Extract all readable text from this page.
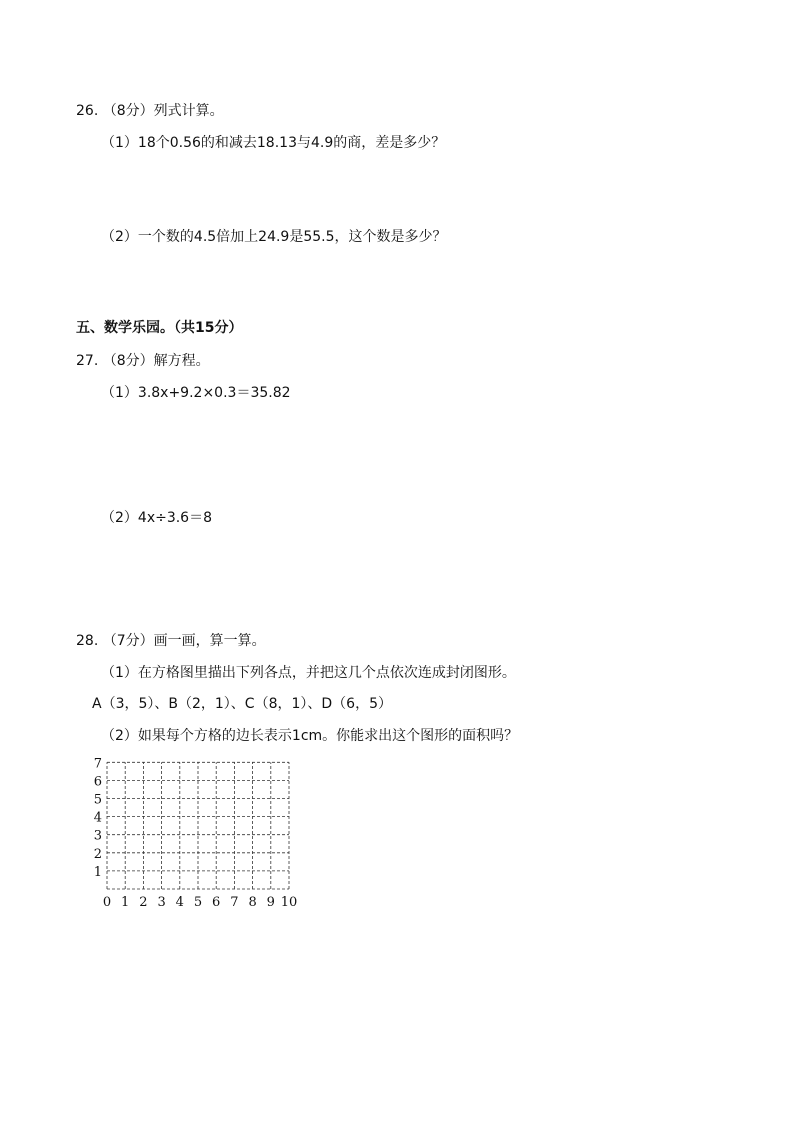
26. （8分）列式计算。
（1）18个0.56的和减去18.13与4.9的商，差是多少？
（2）一个数的4.5倍加上24.9是55.5，这个数是多少？
五、数学乐园。（共15分）
27. （8分）解方程。
（1）3.8x+9.2×0.3＝35.82
（2）4x÷3.6＝8
28. （7分）画一画，算一算。
（1）在方格图里描出下列各点，并把这几个点依次连成封闭图形。
A（3，5）、B（2，1）、C（8，1）、D（6，5）
（2）如果每个方格的边长表示1cm。你能求出这个图形的面积吗？
0 1 2 3 4 5 6 7 8 9 10
1
2
3
4
5
6
7
